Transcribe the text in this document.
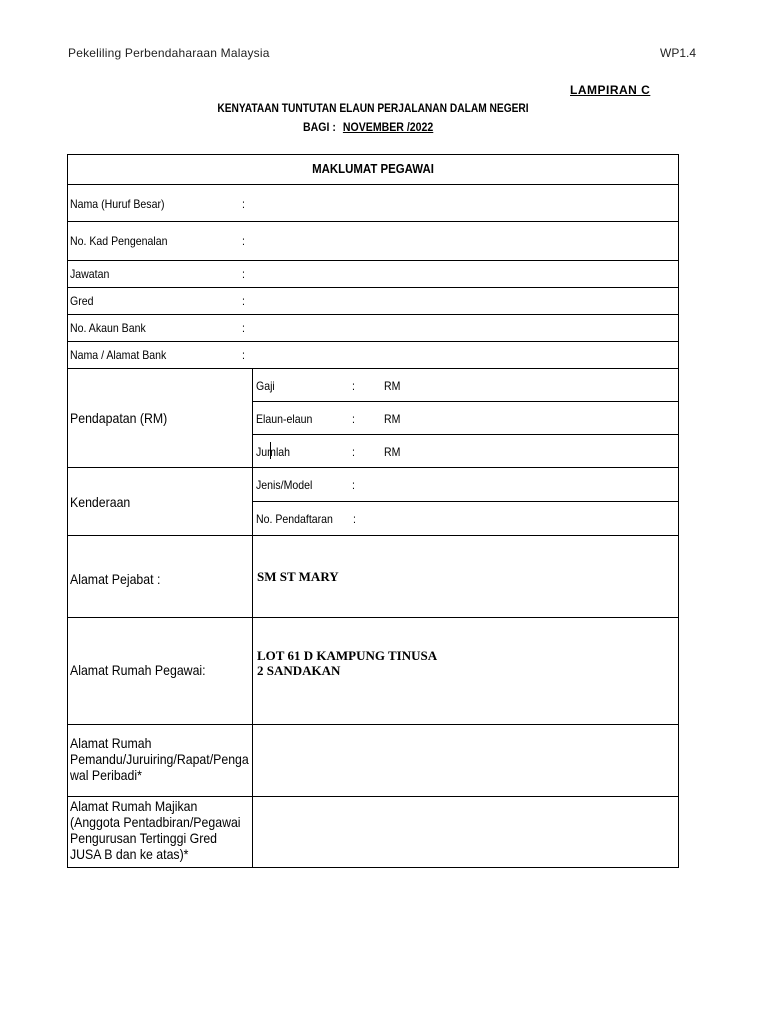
Pekeliling Perbendaharaan Malaysia	WP1.4
LAMPIRAN C
KENYATAAN TUNTUTAN ELAUN PERJALANAN DALAM NEGERI
BAGI : NOVEMBER /2022
MAKLUMAT PEGAWAI
Nama (Huruf Besar)	:
No. Kad Pengenalan	:
Jawatan	:
Gred	:
No. Akaun Bank	:
Nama / Alamat Bank	:
Pendapatan (RM)
Gaji	: RM
Elaun-elaun	: RM
Jumlah	: RM
Kenderaan
Jenis/Model	:
No. Pendaftaran :
Alamat Pejabat :	SM ST MARY
Alamat Rumah Pegawai:
LOT 61 D KAMPUNG TINUSA
2 SANDAKAN
Alamat Rumah
Pemandu/Juruiring/Rapat/Penga
wal Peribadi*
Alamat Rumah Majikan
(Anggota Pentadbiran/Pegawai
Pengurusan Tertinggi Gred
JUSA B dan ke atas)*
